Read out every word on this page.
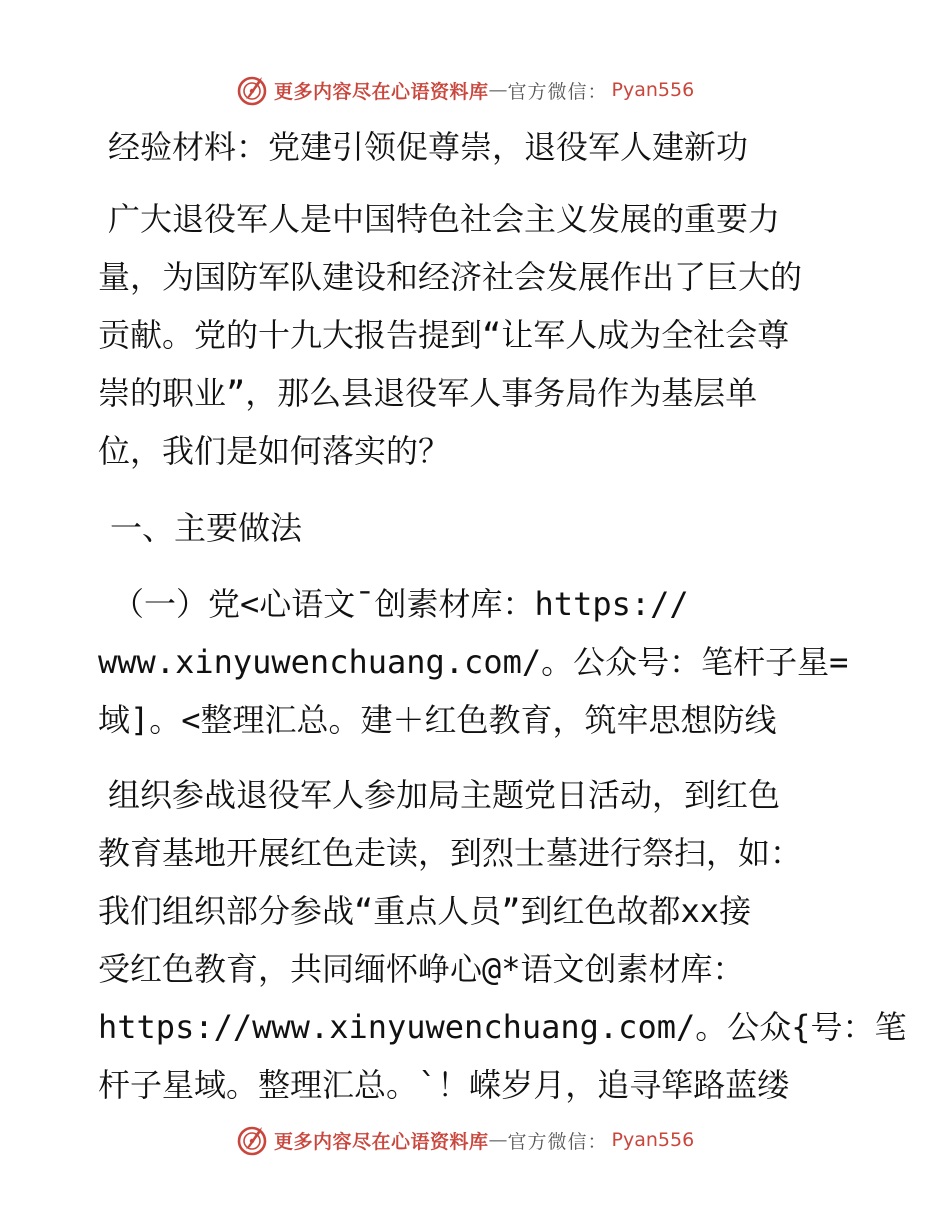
更多内容尽在心语资料库 — 官方微信： Pyan556
经验材料：党建引领促尊崇，退役军人建新功
广大退役军人是中国特色社会主义发展的重要力
量，为国防军队建设和经济社会发展作出了巨大的
贡献。党的十九大报告提到“让军人成为全社会尊
崇的职业”，那么县退役军人事务局作为基层单
位，我们是如何落实的？
一、主要做法
（一）党<心语文¯创素材库：https://
www.xinyuwenchuang.com/。公众号：笔杆子星=
域]。<整理汇总。建＋红色教育，筑牢思想防线
组织参战退役军人参加局主题党日活动，到红色
教育基地开展红色走读，到烈士墓进行祭扫，如：
我们组织部分参战“重点人员”到红色故都xx接
受红色教育，共同缅怀峥心@*语文创素材库：
https://www.xinyuwenchuang.com/。公众{号：笔
杆子星域。整理汇总。`！嵘岁月，追寻筚路蓝缕
更多内容尽在心语资料库 — 官方微信： Pyan556
